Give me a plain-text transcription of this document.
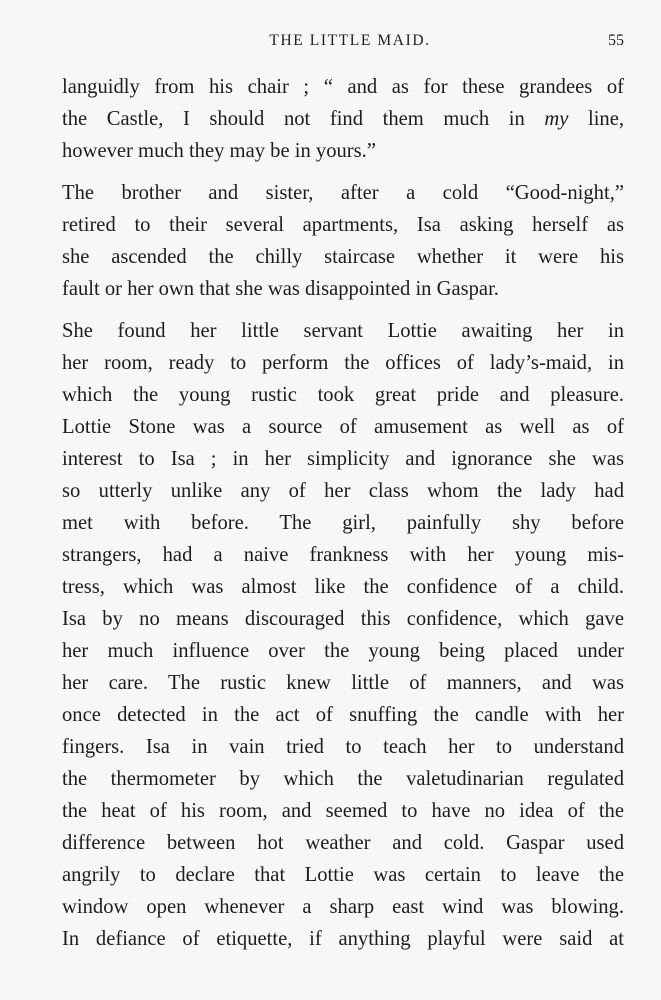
THE LITTLE MAID.	55
languidly from his chair ; “ and as for these grandees of
the Castle, I should not find them much in my line,
however much they may be in yours.”
The brother and sister, after a cold “Good-night,”
retired to their several apartments, Isa asking herself as
she ascended the chilly staircase whether it were his
fault or her own that she was disappointed in Gaspar.
She found her little servant Lottie awaiting her in
her room, ready to perform the offices of lady’s-maid, in
which the young rustic took great pride and pleasure.
Lottie Stone was a source of amusement as well as of
interest to Isa ; in her simplicity and ignorance she was
so utterly unlike any of her class whom the lady had
met with before. The girl, painfully shy before
strangers, had a naive frankness with her young mis-
tress, which was almost like the confidence of a child.
Isa by no means discouraged this confidence, which gave
her much influence over the young being placed under
her care. The rustic knew little of manners, and was
once detected in the act of snuffing the candle with her
fingers. Isa in vain tried to teach her to understand
the thermometer by which the valetudinarian regulated
the heat of his room, and seemed to have no idea of the
difference between hot weather and cold. Gaspar used
angrily to declare that Lottie was certain to leave the
window open whenever a sharp east wind was blowing.
In defiance of etiquette, if anything playful were said at
